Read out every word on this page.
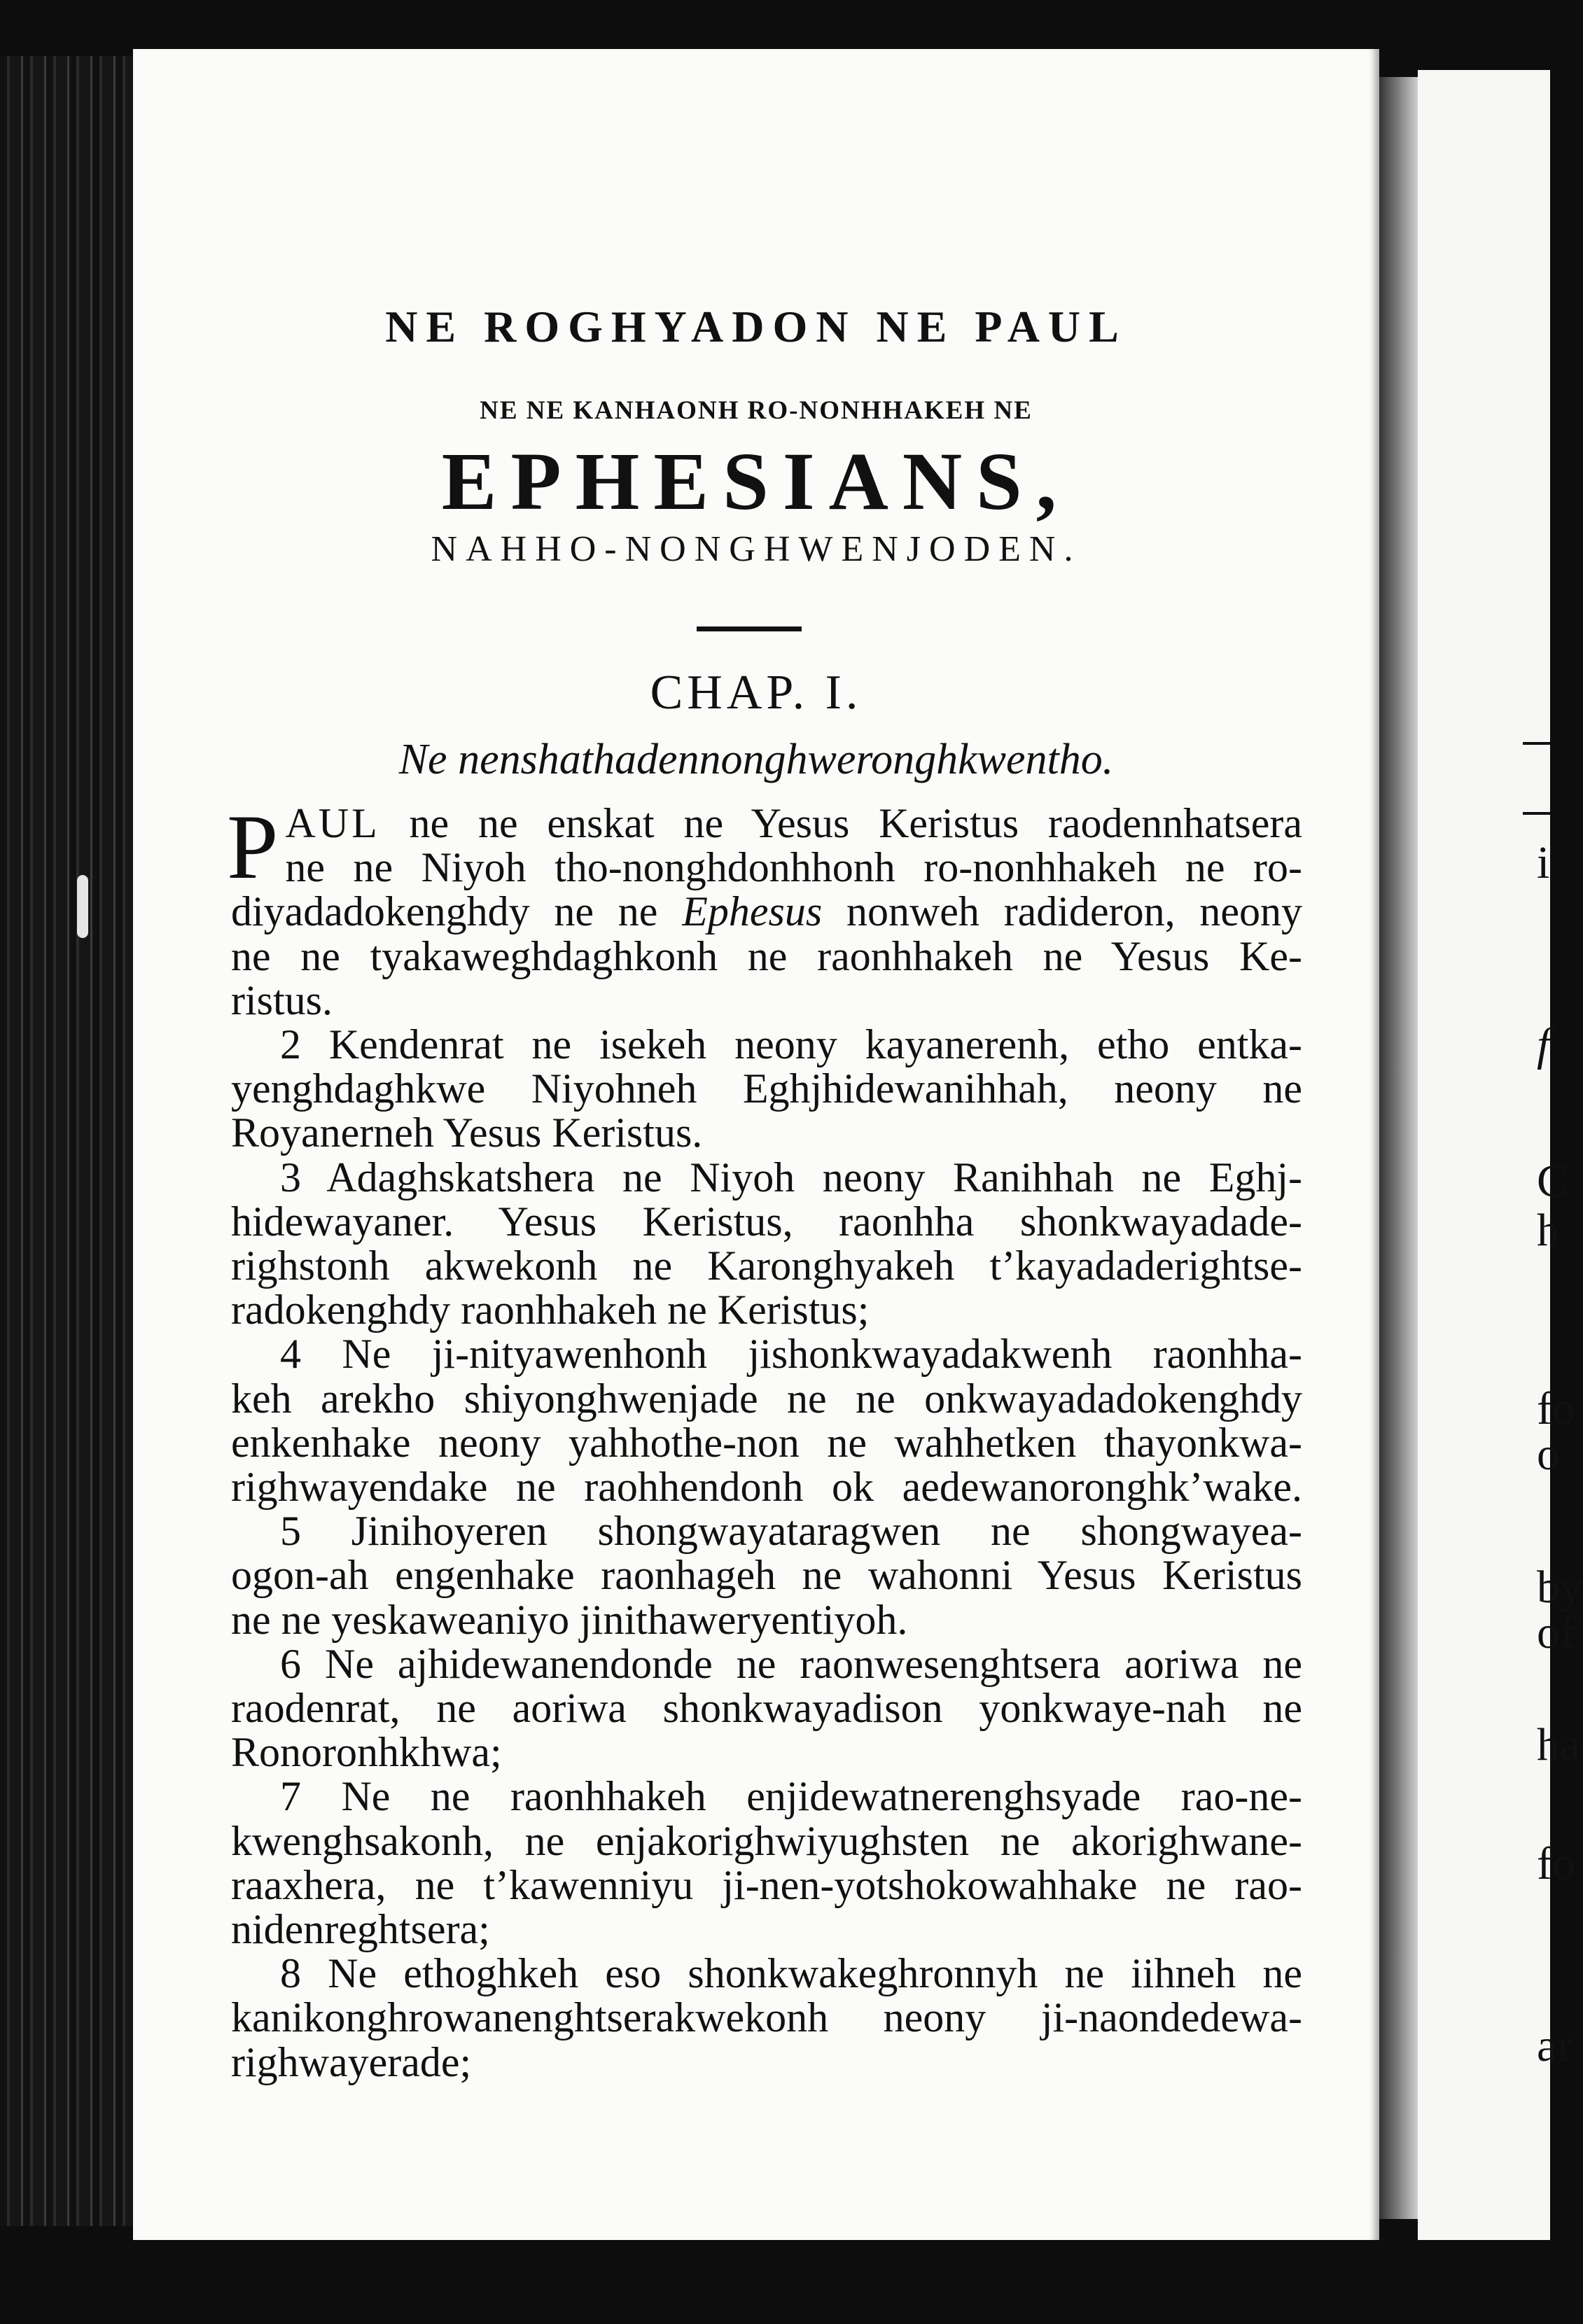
i
f
C
h
fo
o
by
of
ha
fo
ar
NE ROGHYADON NE PAUL
NE NE KANHAONH RO-NONHHAKEH NE
EPHESIANS,
NAHHO-NONGHWENJODEN.
CHAP. I.
Ne nenshathadennonghweronghkwentho.
P AUL ne ne enskat ne Yesus Keristus raodennhatsera
ne ne Niyoh tho-nonghdonhhonh ro-nonhhakeh ne ro-
diyadadokenghdy ne ne Ephesus nonweh radideron, neony
ne ne tyakaweghdaghkonh ne raonhhakeh ne Yesus Ke-
ristus.
2 Kendenrat ne isekeh neony kayanerenh, etho entka-
yenghdaghkwe Niyohneh Eghjhidewanihhah, neony ne
Royanerneh Yesus Keristus.
3 Adaghskatshera ne Niyoh neony Ranihhah ne Eghj-
hidewayaner. Yesus Keristus, raonhha shonkwayadade-
righstonh akwekonh ne Karonghyakeh t’kayadaderightse-
radokenghdy raonhhakeh ne Keristus;
4 Ne ji-nityawenhonh jishonkwayadakwenh raonhha-
keh arekho shiyonghwenjade ne ne onkwayadadokenghdy
enkenhake neony yahhothe-non ne wahhetken thayonkwa-
righwayendake ne raohhendonh ok aedewanoronghk’wake.
5 Jinihoyeren shongwayataragwen ne shongwayea-
ogon-ah engenhake raonhageh ne wahonni Yesus Keristus
ne ne yeskaweaniyo jinithaweryentiyoh.
6 Ne ajhidewanendonde ne raonwesenghtsera aoriwa ne
raodenrat, ne aoriwa shonkwayadison yonkwaye-nah ne
Ronoronhkhwa;
7 Ne ne raonhhakeh enjidewatnerenghsyade rao-ne-
kwenghsakonh, ne enjakorighwiyughsten ne akorighwane-
raaxhera, ne t’kawenniyu ji-nen-yotshokowahhake ne rao-
nidenreghtsera;
8 Ne ethoghkeh eso shonkwakeghronnyh ne iihneh ne
kanikonghrowanenghtserakwekonh neony ji-naondedewa-
righwayerade;
